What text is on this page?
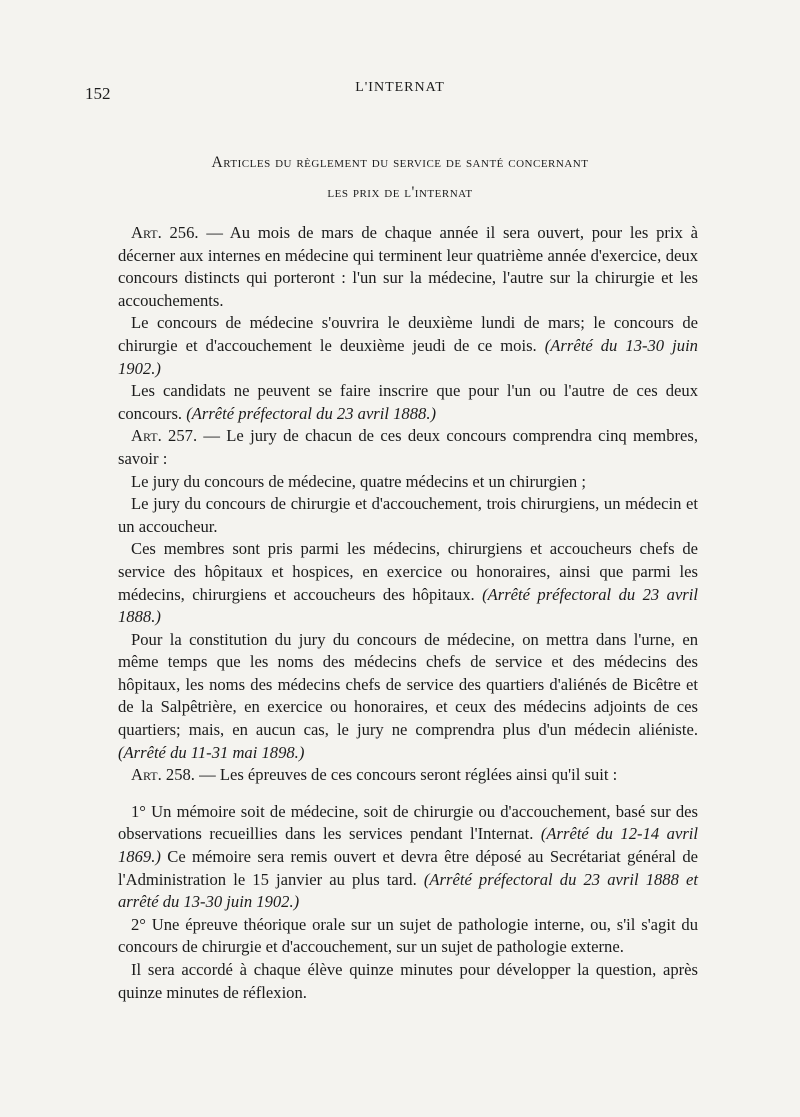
152	L'INTERNAT
Articles du règlement du service de santé concernant
les prix de l'internat

Art. 256. — Au mois de mars de chaque année il sera ouvert, pour les prix à décerner aux internes en médecine qui terminent leur quatrième année d'exercice, deux concours distincts qui porteront : l'un sur la médecine, l'autre sur la chirurgie et les accouchements.

Le concours de médecine s'ouvrira le deuxième lundi de mars; le concours de chirurgie et d'accouchement le deuxième jeudi de ce mois. (Arrêté du 13-30 juin 1902.)

Les candidats ne peuvent se faire inscrire que pour l'un ou l'autre de ces deux concours. (Arrêté préfectoral du 23 avril 1888.)

Art. 257. — Le jury de chacun de ces deux concours comprendra cinq membres, savoir :

Le jury du concours de médecine, quatre médecins et un chirurgien ;

Le jury du concours de chirurgie et d'accouchement, trois chirurgiens, un médecin et un accoucheur.

Ces membres sont pris parmi les médecins, chirurgiens et accoucheurs chefs de service des hôpitaux et hospices, en exercice ou honoraires, ainsi que parmi les médecins, chirurgiens et accoucheurs des hôpitaux. (Arrêté préfectoral du 23 avril 1888.)

Pour la constitution du jury du concours de médecine, on mettra dans l'urne, en même temps que les noms des médecins chefs de service et des médecins des hôpitaux, les noms des médecins chefs de service des quartiers d'aliénés de Bicêtre et de la Salpêtrière, en exercice ou honoraires, et ceux des médecins adjoints de ces quartiers; mais, en aucun cas, le jury ne comprendra plus d'un médecin aliéniste. (Arrêté du 11-31 mai 1898.)

Art. 258. — Les épreuves de ces concours seront réglées ainsi qu'il suit :

1° Un mémoire soit de médecine, soit de chirurgie ou d'accouchement, basé sur des observations recueillies dans les services pendant l'Internat. (Arrêté du 12-14 avril 1869.) Ce mémoire sera remis ouvert et devra être déposé au Secrétariat général de l'Administration le 15 janvier au plus tard. (Arrêté préfectoral du 23 avril 1888 et arrêté du 13-30 juin 1902.)

2° Une épreuve théorique orale sur un sujet de pathologie interne, ou, s'il s'agit du concours de chirurgie et d'accouchement, sur un sujet de pathologie externe.

Il sera accordé à chaque élève quinze minutes pour développer la question, après quinze minutes de réflexion.
